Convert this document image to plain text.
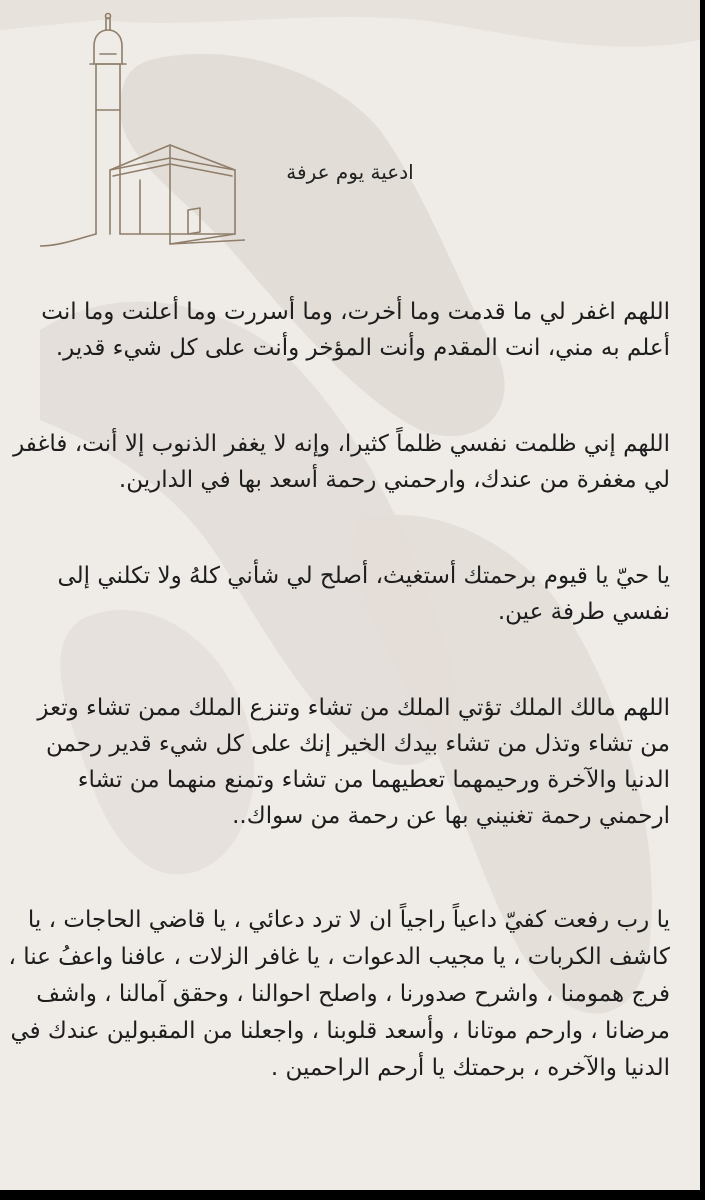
ادعية يوم عرفة

اللهم اغفر لي ما قدمت وما أخرت، وما أسررت وما أعلنت وما انت
أعلم به مني، انت المقدم وأنت المؤخر وأنت على كل شيء قدير.

اللهم إني ظلمت نفسي ظلماً كثيرا، وإنه لا يغفر الذنوب إلا أنت، فاغفر
لي مغفرة من عندك، وارحمني رحمة أسعد بها في الدارين.

يا حيّ يا قيوم برحمتك أستغيث، أصلح لي شأني كلهُ ولا تكلني إلى
نفسي طرفة عين.

اللهم مالك الملك تؤتي الملك من تشاء وتنزع الملك ممن تشاء وتعز
من تشاء وتذل من تشاء بيدك الخير إنك على كل شيء قدير رحمن
الدنيا والآخرة ورحيمهما تعطيهما من تشاء وتمنع منهما من تشاء
ارحمني رحمة تغنيني بها عن رحمة من سواك..

يا رب رفعت كفيّ داعياً راجياً ان لا ترد دعائي ، يا قاضي الحاجات ، يا
كاشف الكربات ، يا مجيب الدعوات ، يا غافر الزلات ، عافنا واعفُ عنا ،
فرج همومنا ، واشرح صدورنا ، واصلح احوالنا ، وحقق آمالنا ، واشف
مرضانا ، وارحم موتانا ، وأسعد قلوبنا ، واجعلنا من المقبولين عندك في
الدنيا والآخره ، برحمتك يا أرحم الراحمين .
